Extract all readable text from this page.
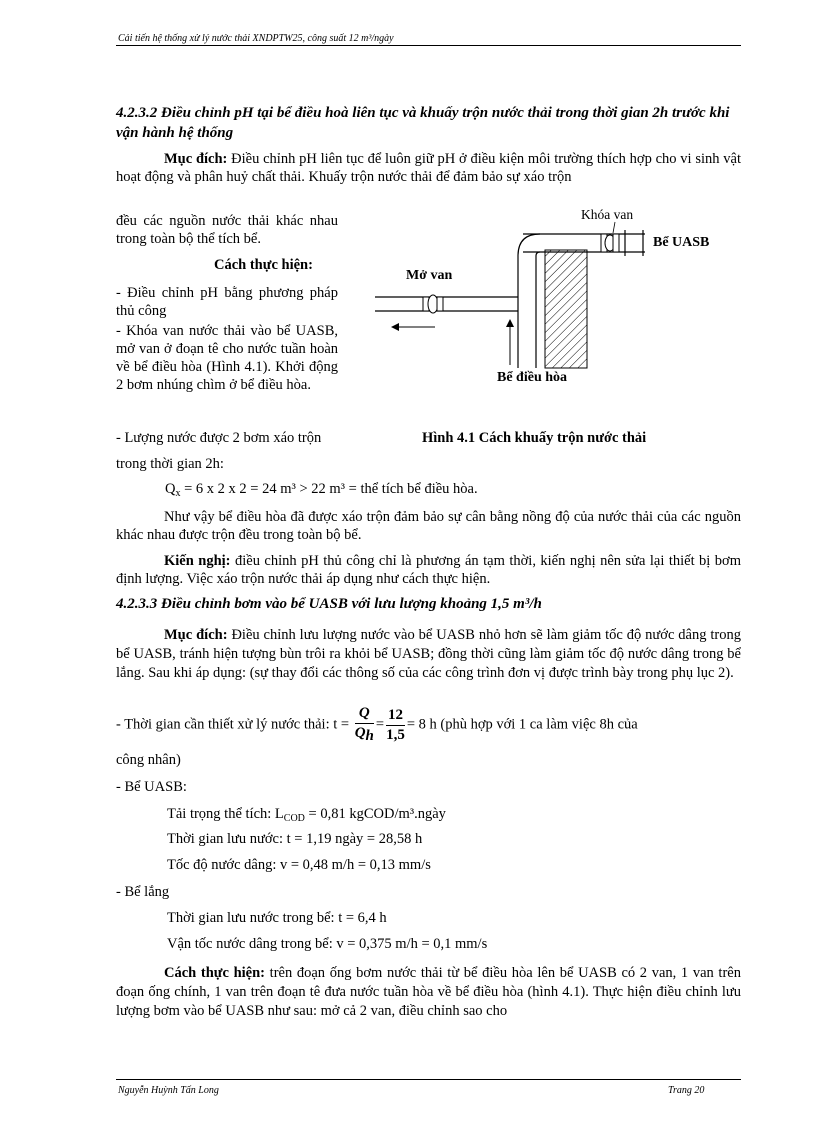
Cải tiến hệ thống xử lý nước thải XNDPTW25, công suất 12 m³/ngày
4.2.3.2 Điều chỉnh pH tại bể điều hoà liên tục và khuấy trộn nước thải trong thời gian 2h trước khi vận hành hệ thống
Mục đích: Điều chỉnh pH liên tục để luôn giữ pH ở điều kiện môi trường thích hợp cho vi sinh vật hoạt động và phân huỷ chất thải. Khuấy trộn nước thải để đảm bảo sự xáo trộn
đều các nguồn nước thải khác nhau trong toàn bộ thể tích bể.
Cách thực hiện:
- Điều chỉnh pH bằng phương pháp thủ công
- Khóa van nước thải vào bể UASB, mở van ở đoạn tê cho nước tuần hoàn về bể điều hòa (Hình 4.1). Khởi động 2 bơm nhúng chìm ở bể điều hòa.
- Lượng nước được 2 bơm xáo trộn
Khóa van
Bể UASB
Mở van
Bể điều hòa
Hình 4.1 Cách khuấy trộn nước thải
trong thời gian 2h:
$Q_x = 6$ x 2 x 2 = 24 m³ > 22 m³ = thể tích bể điều hòa.
Như vậy bể điều hòa đã được xáo trộn đảm bảo sự cân bằng nồng độ của nước thải của các nguồn khác nhau được trộn đều trong toàn bộ bể.
Kiến nghị: điều chỉnh pH thủ công chỉ là phương án tạm thời, kiến nghị nên sửa lại thiết bị bơm định lượng. Việc xáo trộn nước thải áp dụng như cách thực hiện.
4.2.3.3 Điều chỉnh bơm vào bể UASB với lưu lượng khoảng 1,5 m³/h
Mục đích: Điều chỉnh lưu lượng nước vào bể UASB nhỏ hơn sẽ làm giảm tốc độ nước dâng trong bể UASB, tránh hiện tượng bùn trôi ra khỏi bể UASB; đồng thời cũng làm giảm tốc độ nước dâng trong bể lắng. Sau khi áp dụng: (sự thay đổi các thông số của các công trình đơn vị được trình bày trong phụ lục 2).
- Thời gian cần thiết xử lý nước thải: $t = \frac{Q}{Qh} = \frac{12}{1,5} = 8$ h (phù hợp với 1 ca làm việc 8h của
công nhân)
- Bể UASB:
Tải trọng thể tích: $L_{COD} = 0,81$ kgCOD/m³.ngày
Thời gian lưu nước: t = 1,19 ngày = 28,58 h
Tốc độ nước dâng: v = 0,48 m/h = 0,13 mm/s
- Bể lắng
Thời gian lưu nước trong bể: t = 6,4 h
Vận tốc nước dâng trong bể: v = 0,375 m/h = 0,1 mm/s
Cách thực hiện: trên đoạn ống bơm nước thải từ bể điều hòa lên bể UASB có 2 van, 1 van trên đoạn ống chính, 1 van trên đoạn tê đưa nước tuần hòa về bể điều hòa (hình 4.1). Thực hiện điều chỉnh lưu lượng bơm vào bể UASB như sau: mở cả 2 van, điều chỉnh sao cho
Nguyễn Huỳnh Tấn Long	Trang 20
